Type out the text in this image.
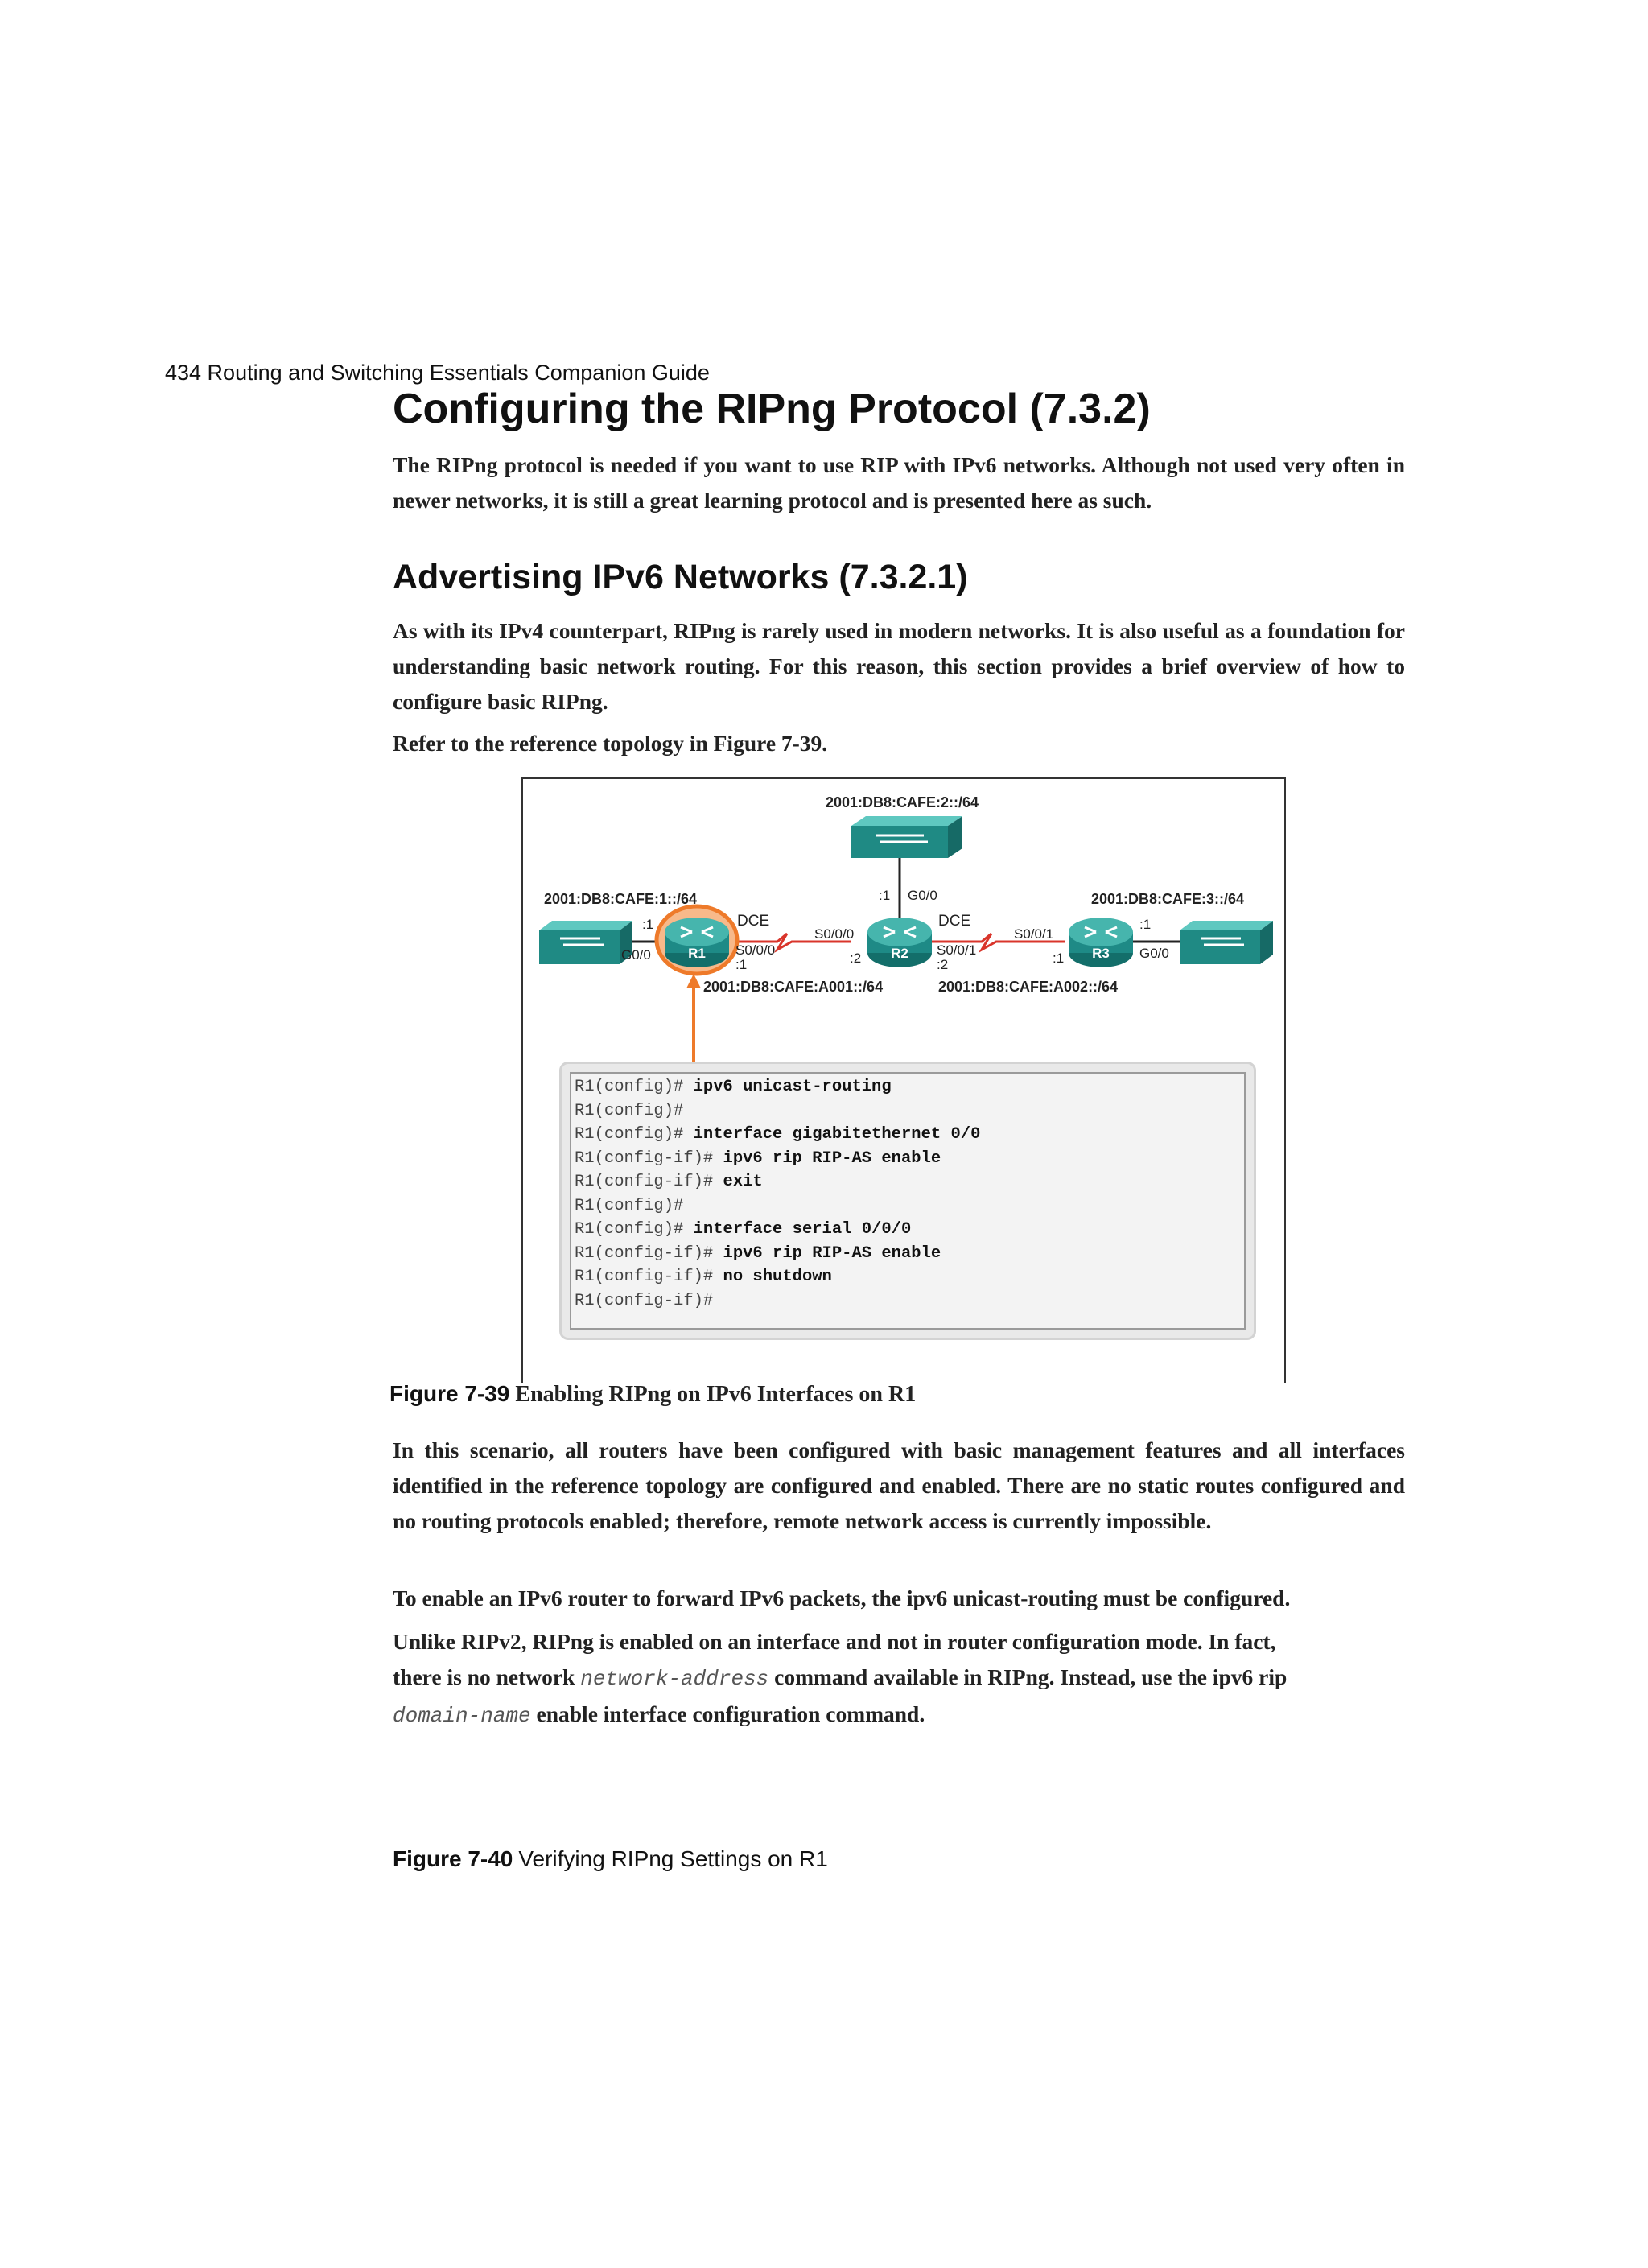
434 Routing and Switching Essentials Companion Guide
Configuring the RIPng Protocol (7.3.2)

The RIPng protocol is needed if you want to use RIP with IPv6 networks. Although not used very often in newer networks, it is still a great learning protocol and is presented here as such.

Advertising IPv6 Networks (7.3.2.1)

As with its IPv4 counterpart, RIPng is rarely used in modern networks. It is also useful as a foundation for understanding basic network routing. For this reason, this section provides a brief overview of how to configure basic RIPng.

Refer to the reference topology in Figure 7-39.

R1	R2	R3
2001:DB8:CAFE:2::/64
2001:DB8:CAFE:1::/64	2001:DB8:CAFE:3::/64
2001:DB8:CAFE:A001::/64	2001:DB8:CAFE:A002::/64
:1
G0/0
DCE
S0/0/0
:1
:1 G0/0
S0/0/0
:2
DCE
S0/0/1
:2
S0/0/1
:1
:1
G0/0
R1(config)# ipv6 unicast-routing
R1(config)#
R1(config)# interface gigabitethernet 0/0
R1(config-if)# ipv6 rip RIP-AS enable
R1(config-if)# exit
R1(config)#
R1(config)# interface serial 0/0/0
R1(config-if)# ipv6 rip RIP-AS enable
R1(config-if)# no shutdown
R1(config-if)#
Figure 7-39 Enabling RIPng on IPv6 Interfaces on R1

In this scenario, all routers have been configured with basic management features and all interfaces identified in the reference topology are configured and enabled. There are no static routes configured and no routing protocols enabled; therefore, remote network access is currently impossible.

To enable an IPv6 router to forward IPv6 packets, the ipv6 unicast-routing must be configured.

Unlike RIPv2, RIPng is enabled on an interface and not in router configuration mode. In fact,
there is no network network-address command available in RIPng. Instead, use the ipv6 rip
domain-name enable interface configuration command.
Figure 7-40 Verifying RIPng Settings on R1
